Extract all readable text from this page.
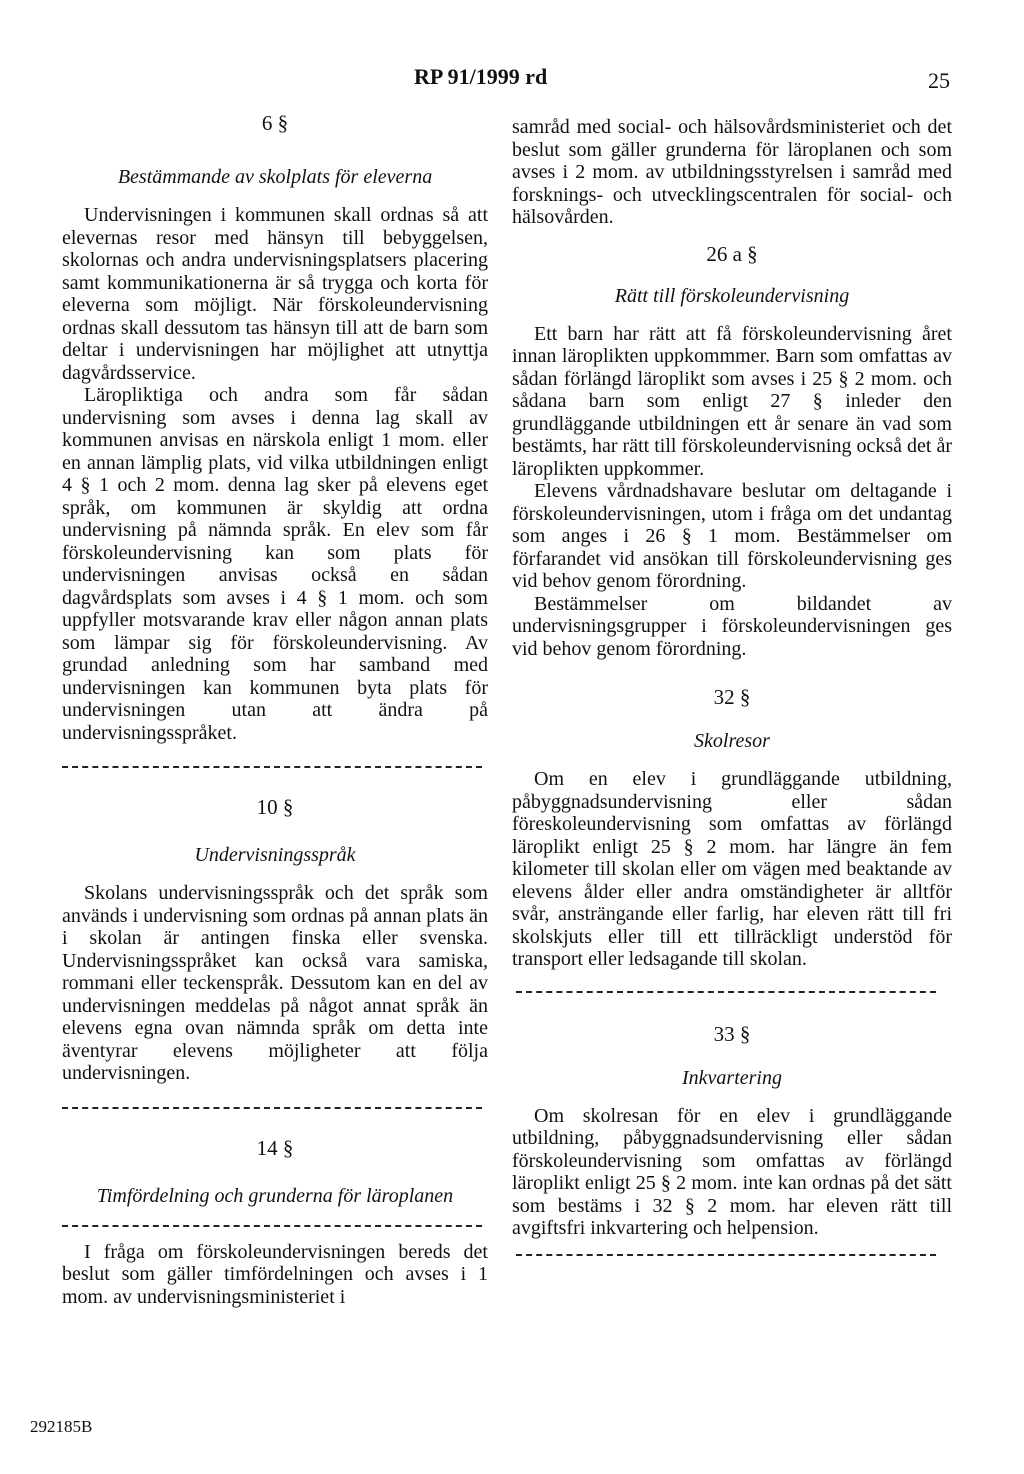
RP 91/1999 rd	25
6 §
Bestämmande av skolplats för eleverna

Undervisningen i kommunen skall ordnas så att elevernas resor med hänsyn till bebyggelsen, skolornas och andra undervisningsplatsers placering samt kommunikationerna är så trygga och korta för eleverna som möjligt. När förskoleundervisning ordnas skall dessutom tas hänsyn till att de barn som deltar i undervisningen har möjlighet att utnyttja dagvårdsservice.

Läropliktiga och andra som får sådan undervisning som avses i denna lag skall av kommunen anvisas en närskola enligt 1 mom. eller en annan lämplig plats, vid vilka utbildningen enligt 4 § 1 och 2 mom. denna lag sker på elevens eget språk, om kommunen är skyldig att ordna undervisning på nämnda språk. En elev som får förskoleundervisning kan som plats för undervisningen anvisas också en sådan dagvårdsplats som avses i 4 § 1 mom. och som uppfyller motsvarande krav eller någon annan plats som lämpar sig för förskoleundervisning. Av grundad anledning som har samband med undervisningen kan kommunen byta plats för undervisningen utan att ändra på undervisningsspråket.

10 §
Undervisningsspråk

Skolans undervisningsspråk och det språk som används i undervisning som ordnas på annan plats än i skolan är antingen finska eller svenska. Undervisningsspråket kan också vara samiska, rommani eller teckenspråk. Dessutom kan en del av undervisningen meddelas på något annat språk än elevens egna ovan nämnda språk om detta inte äventyrar elevens möjligheter att följa undervisningen.

14 §
Timfördelning och grunderna för läroplanen

I fråga om förskoleundervisningen bereds det beslut som gäller timfördelningen och avses i 1 mom. av undervisningsministeriet i

samråd med social- och hälsovårdsministeriet och det beslut som gäller grunderna för läroplanen och som avses i 2 mom. av utbildningsstyrelsen i samråd med forsknings- och utvecklingscentralen för social- och hälsovården.

26 a §
Rätt till förskoleundervisning

Ett barn har rätt att få förskoleundervisning året innan läroplikten uppkommmer. Barn som omfattas av sådan förlängd läroplikt som avses i 25 § 2 mom. och sådana barn som enligt 27 § inleder den grundläggande utbildningen ett år senare än vad som bestämts, har rätt till förskoleundervisning också det år läroplikten uppkommer.

Elevens vårdnadshavare beslutar om deltagande i förskoleundervisningen, utom i fråga om det undantag som anges i 26 § 1 mom. Bestämmelser om förfarandet vid ansökan till förskoleundervisning ges vid behov genom förordning.

Bestämmelser om bildandet av undervisningsgrupper i förskoleundervisningen ges vid behov genom förordning.

32 §
Skolresor

Om en elev i grundläggande utbildning, påbyggnadsundervisning eller sådan föreskoleundervisning som omfattas av förlängd läroplikt enligt 25 § 2 mom. har längre än fem kilometer till skolan eller om vägen med beaktande av elevens ålder eller andra omständigheter är alltför svår, ansträngande eller farlig, har eleven rätt till fri skolskjuts eller till ett tillräckligt understöd för transport eller ledsagande till skolan.

33 §
Inkvartering

Om skolresan för en elev i grundläggande utbildning, påbyggnadsundervisning eller sådan förskoleundervisning som omfattas av förlängd läroplikt enligt 25 § 2 mom. inte kan ordnas på det sätt som bestäms i 32 § 2 mom. har eleven rätt till avgiftsfri inkvartering och helpension.

292185B
